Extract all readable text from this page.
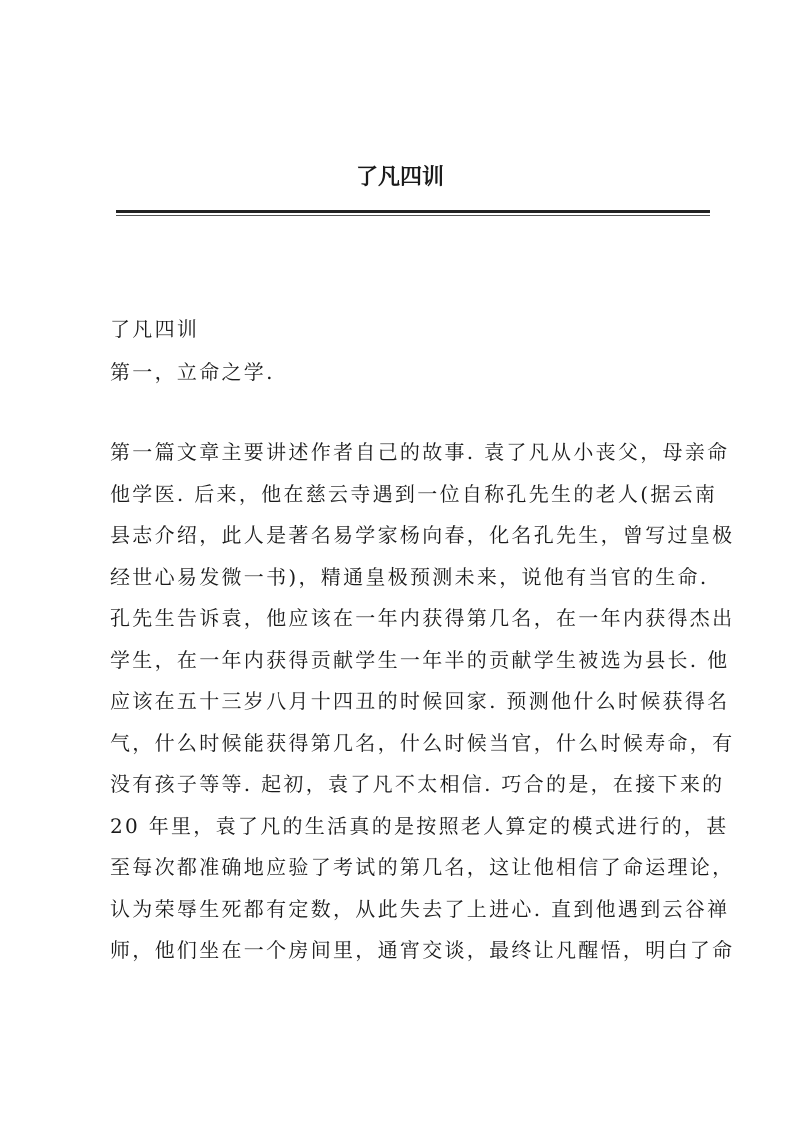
了凡四训

了凡四训

第一，立命之学.

第一篇文章主要讲述作者自己的故事. 袁了凡从小丧父，母亲命
他学医. 后来，他在慈云寺遇到一位自称孔先生的老人(据云南
县志介绍，此人是著名易学家杨向春，化名孔先生，曾写过皇极
经世心易发微一书)，精通皇极预测未来，说他有当官的生命.
孔先生告诉袁，他应该在一年内获得第几名，在一年内获得杰出
学生，在一年内获得贡献学生一年半的贡献学生被选为县长. 他
应该在五十三岁八月十四丑的时候回家. 预测他什么时候获得名
气，什么时候能获得第几名，什么时候当官，什么时候寿命，有
没有孩子等等. 起初，袁了凡不太相信. 巧合的是，在接下来的
20 年里，袁了凡的生活真的是按照老人算定的模式进行的，甚
至每次都准确地应验了考试的第几名，这让他相信了命运理论，
认为荣辱生死都有定数，从此失去了上进心. 直到他遇到云谷禅
师，他们坐在一个房间里，通宵交谈，最终让凡醒悟，明白了命
